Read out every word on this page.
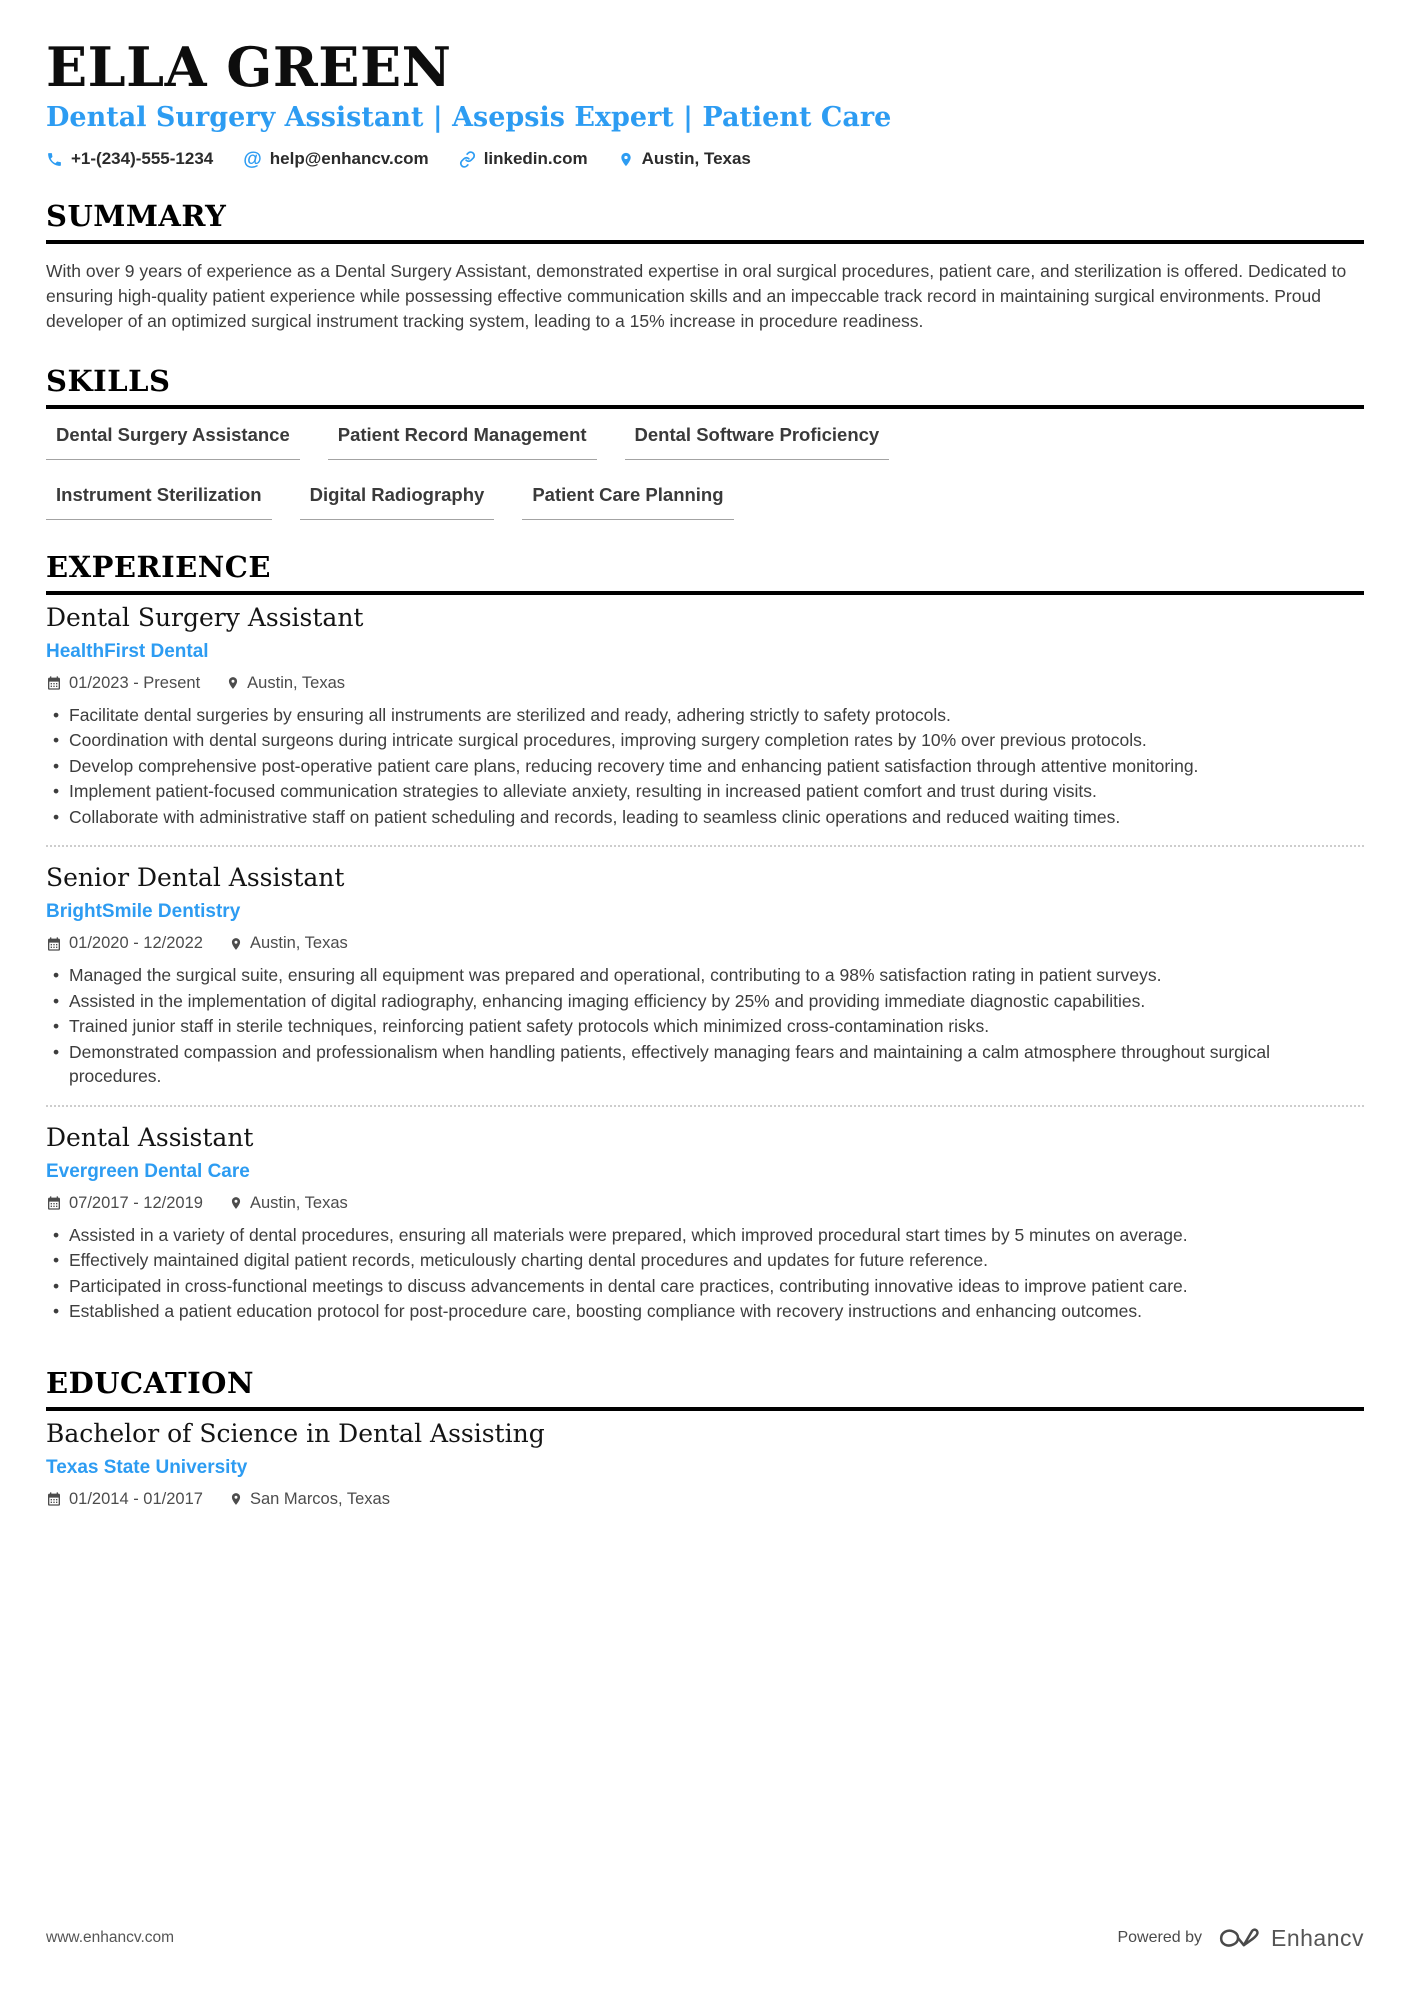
ELLA GREEN
Dental Surgery Assistant | Asepsis Expert | Patient Care
+1-(234)-555-1234 @ help@enhancv.com	linkedin.com	Austin, Texas
SUMMARY

With over 9 years of experience as a Dental Surgery Assistant, demonstrated expertise in oral surgical procedures, patient care, and sterilization is offered. Dedicated to ensuring high-quality patient experience while possessing effective communication skills and an impeccable track record in maintaining surgical environments. Proud developer of an optimized surgical instrument tracking system, leading to a 15% increase in procedure readiness.

SKILLS
Dental Surgery Assistance	Patient Record Management	Dental Software Proficiency
Instrument Sterilization	Digital Radiography	Patient Care Planning
EXPERIENCE
Dental Surgery Assistant
HealthFirst Dental
01/2023 - Present	Austin, Texas
• Facilitate dental surgeries by ensuring all instruments are sterilized and ready, adhering strictly to safety protocols.
• Coordination with dental surgeons during intricate surgical procedures, improving surgery completion rates by 10% over previous protocols.
• Develop comprehensive post-operative patient care plans, reducing recovery time and enhancing patient satisfaction through attentive monitoring.
• Implement patient-focused communication strategies to alleviate anxiety, resulting in increased patient comfort and trust during visits.
• Collaborate with administrative staff on patient scheduling and records, leading to seamless clinic operations and reduced waiting times.
Senior Dental Assistant
BrightSmile Dentistry
01/2020 - 12/2022	Austin, Texas
• Managed the surgical suite, ensuring all equipment was prepared and operational, contributing to a 98% satisfaction rating in patient surveys.
• Assisted in the implementation of digital radiography, enhancing imaging efficiency by 25% and providing immediate diagnostic capabilities.
• Trained junior staff in sterile techniques, reinforcing patient safety protocols which minimized cross-contamination risks.
• Demonstrated compassion and professionalism when handling patients, effectively managing fears and maintaining a calm atmosphere throughout surgical procedures.
Dental Assistant
Evergreen Dental Care
07/2017 - 12/2019	Austin, Texas
• Assisted in a variety of dental procedures, ensuring all materials were prepared, which improved procedural start times by 5 minutes on average.
• Effectively maintained digital patient records, meticulously charting dental procedures and updates for future reference.
• Participated in cross-functional meetings to discuss advancements in dental care practices, contributing innovative ideas to improve patient care.
• Established a patient education protocol for post-procedure care, boosting compliance with recovery instructions and enhancing outcomes.
EDUCATION
Bachelor of Science in Dental Assisting
Texas State University
01/2014 - 01/2017	San Marcos, Texas
www.enhancv.com	Powered by	Enhancv
